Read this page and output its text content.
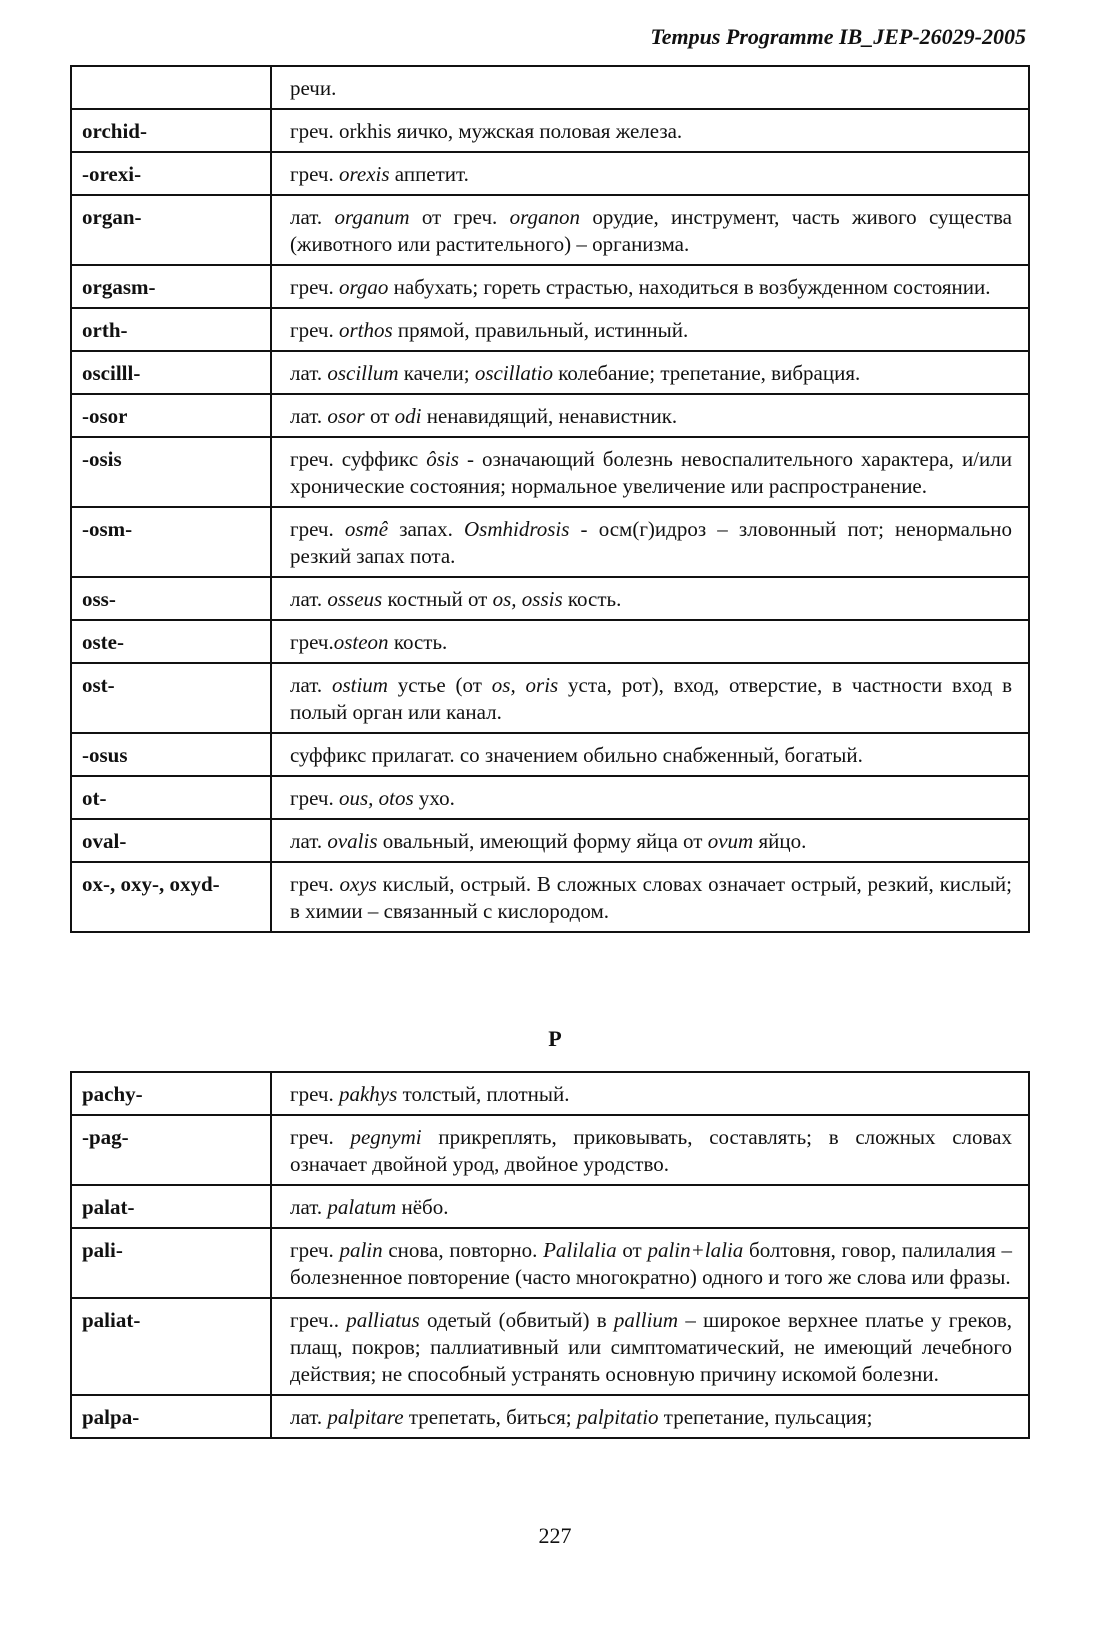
Tempus Programme IB_JEP-26029-2005
	речи.
orchid-	греч. orkhis яичко, мужская половая железа.
-orexi-	греч. orexis аппетит.
organ-	лат. organum от греч. organon орудие, инструмент, часть живого существа (животного или растительного) – организма.
orgasm-	греч. orgao набухать; гореть страстью, находиться в возбужденном состоянии.
orth-	греч. orthos прямой, правильный, истинный.
oscilll-	лат. oscillum качели; oscillatio колебание; трепетание, вибрация.
-osor	лат. osor от odi ненавидящий, ненавистник.
-osis	греч. суффикс ôsis - означающий болезнь невоспалительного характера, и/или хронические состояния; нормальное увеличение или распространение.
-osm-	греч. osmê запах. Osmhidrosis - осм(г)идроз – зловонный пот; ненормально резкий запах пота.
oss-	лат. osseus костный от os, ossis кость.
oste-	греч.osteon кость.
ost-	лат. ostium устье (от os, oris уста, рот), вход, отверстие, в частности вход в полый орган или канал.
-osus	суффикс прилагат. со значением обильно снабженный, богатый.
ot-	греч. ous, otos ухо.
oval-	лат. ovalis овальный, имеющий форму яйца от ovum яйцо.
ox-, oxy-, oxyd-	греч. oxys кислый, острый. В сложных словах означает острый, резкий, кислый; в химии – связанный с кислородом.
P
pachy-	греч. pakhys толстый, плотный.
-pag-	греч. pegnymi прикреплять, приковывать, составлять; в сложных словах означает двойной урод, двойное уродство.
palat-	лат. palatum нёбо.
pali-	греч. palin снова, повторно. Palilalia от palin+lalia болтовня, говор, палилалия – болезненное повторение (часто многократно) одного и того же слова или фразы.
paliat-	греч.. palliatus одетый (обвитый) в pallium – широкое верхнее платье у греков, плащ, покров; паллиативный или симптоматический, не имеющий лечебного действия; не способный устранять основную причину искомой болезни.
palpa-	лат. palpitare трепетать, биться; palpitatio трепетание, пульсация;
227
